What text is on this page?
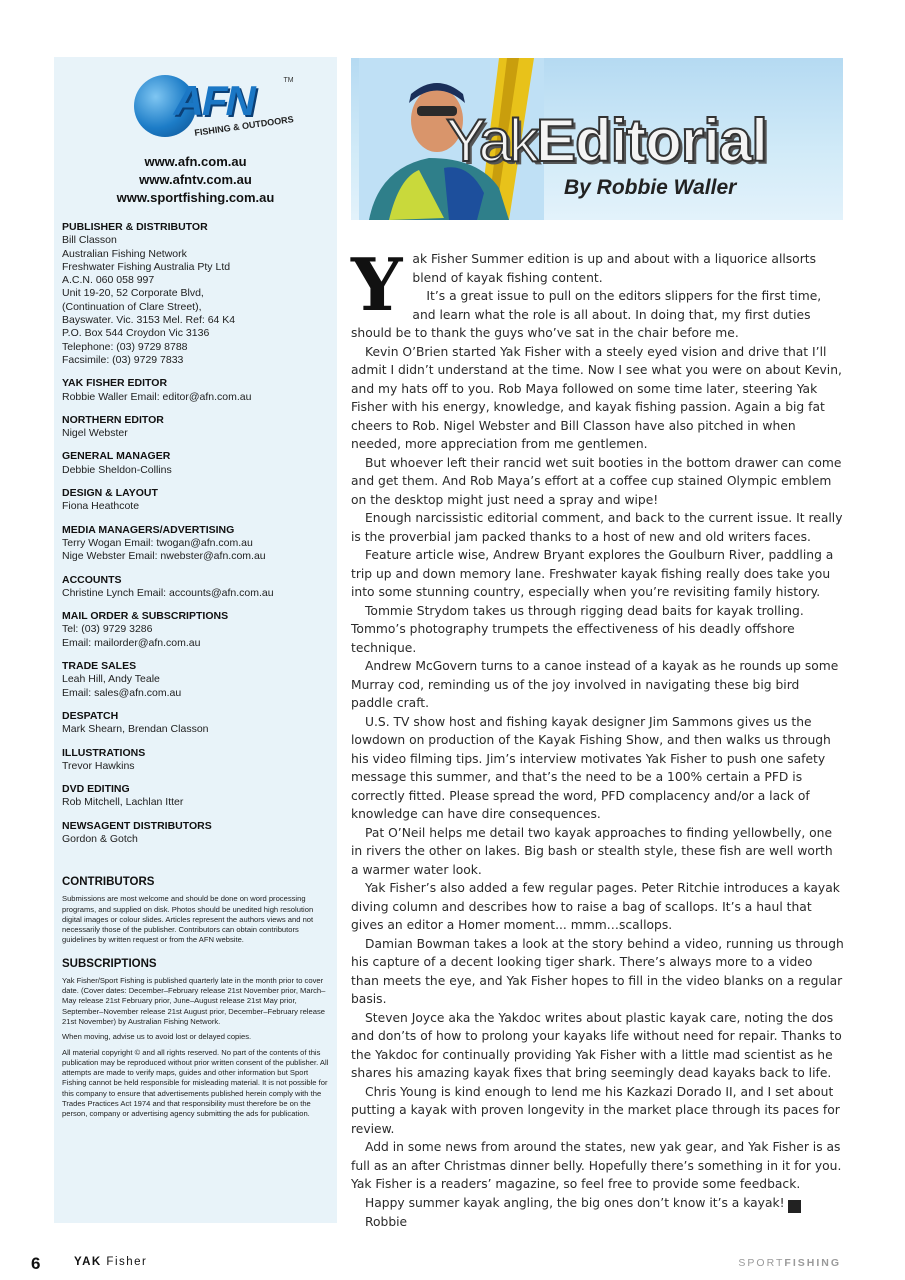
AFN	TM
FISHING & OUTDOORS
www.afn.com.au
www.afntv.com.au
www.sportfishing.com.au
PUBLISHER & DISTRIBUTOR
Bill Classon
Australian Fishing Network
Freshwater Fishing Australia Pty Ltd
A.C.N. 060 058 997
Unit 19-20, 52 Corporate Blvd,
(Continuation of Clare Street),
Bayswater. Vic. 3153 Mel. Ref: 64 K4
P.O. Box 544 Croydon Vic 3136
Telephone: (03) 9729 8788
Facsimile: (03) 9729 7833
YAK FISHER EDITOR
Robbie Waller Email: editor@afn.com.au
NORTHERN EDITOR
Nigel Webster
GENERAL MANAGER
Debbie Sheldon-Collins
DESIGN & LAYOUT
Fiona Heathcote
MEDIA MANAGERS/ADVERTISING
Terry Wogan Email: twogan@afn.com.au
Nige Webster Email: nwebster@afn.com.au
ACCOUNTS
Christine Lynch Email: accounts@afn.com.au
MAIL ORDER & SUBSCRIPTIONS
Tel: (03) 9729 3286
Email: mailorder@afn.com.au
TRADE SALES
Leah Hill, Andy Teale
Email: sales@afn.com.au
DESPATCH
Mark Shearn, Brendan Classon
ILLUSTRATIONS
Trevor Hawkins
DVD EDITING
Rob Mitchell, Lachlan Itter
NEWSAGENT DISTRIBUTORS
Gordon & Gotch
CONTRIBUTORS
Submissions are most welcome and should be done on word processing programs, and supplied on disk. Photos should be unedited high resolution digital images or colour slides. Articles represent the authors views and not necessarily those of the publisher. Contributors can obtain contributors guidelines by written request or from the AFN website.
SUBSCRIPTIONS

Yak Fisher/Sport Fishing is published quarterly late in the month prior to cover date. (Cover dates: December–February release 21st November prior, March–May release 21st February prior, June–August release 21st May prior, September–November release 21st August prior, December–February release 21st November) by Australian Fishing Network.

When moving, advise us to avoid lost or delayed copies.

All material copyright © and all rights reserved. No part of the contents of this publication may be reproduced without prior written consent of the publisher. All attempts are made to verify maps, guides and other information but Sport Fishing cannot be held responsible for misleading material. It is not possible for this company to ensure that advertisements published herein comply with the Trades Practices Act 1974 and that responsibility must therefore be on the person, company or advertising agency submitting the ads for publication.

YakEditorial
By Robbie Waller
Y ak Fisher Summer edition is up and about with a liquorice allsorts blend of kayak fishing content.

It’s a great issue to pull on the editors slippers for the first time, and learn what the role is all about. In doing that, my first duties should be to thank the guys who’ve sat in the chair before me.

Kevin O’Brien started Yak Fisher with a steely eyed vision and drive that I’ll admit I didn’t understand at the time. Now I see what you were on about Kevin, and my hats off to you. Rob Maya followed on some time later, steering Yak Fisher with his energy, knowledge, and kayak fishing passion. Again a big fat cheers to Rob. Nigel Webster and Bill Classon have also pitched in when needed, more appreciation from me gentlemen.

But whoever left their rancid wet suit booties in the bottom drawer can come and get them. And Rob Maya’s effort at a coffee cup stained Olympic emblem on the desktop might just need a spray and wipe!

Enough narcissistic editorial comment, and back to the current issue. It really is the proverbial jam packed thanks to a host of new and old writers faces.

Feature article wise, Andrew Bryant explores the Goulburn River, paddling a trip up and down memory lane. Freshwater kayak fishing really does take you into some stunning country, especially when you’re revisiting family history.

Tommie Strydom takes us through rigging dead baits for kayak trolling. Tommo’s photography trumpets the effectiveness of his deadly offshore technique.

Andrew McGovern turns to a canoe instead of a kayak as he rounds up some Murray cod, reminding us of the joy involved in navigating these big bird paddle craft.

U.S. TV show host and fishing kayak designer Jim Sammons gives us the lowdown on production of the Kayak Fishing Show, and then walks us through his video filming tips. Jim’s interview motivates Yak Fisher to push one safety message this summer, and that’s the need to be a 100% certain a PFD is correctly fitted. Please spread the word, PFD complacency and/or a lack of knowledge can have dire consequences.

Pat O’Neil helps me detail two kayak approaches to finding yellowbelly, one in rivers the other on lakes. Big bash or stealth style, these fish are well worth a warmer water look.

Yak Fisher’s also added a few regular pages. Peter Ritchie introduces a kayak diving column and describes how to raise a bag of scallops. It’s a haul that gives an editor a Homer moment... mmm…scallops.

Damian Bowman takes a look at the story behind a video, running us through his capture of a decent looking tiger shark. There’s always more to a video than meets the eye, and Yak Fisher hopes to fill in the video blanks on a regular basis.

Steven Joyce aka the Yakdoc writes about plastic kayak care, noting the dos and don’ts of how to prolong your kayaks life without need for repair. Thanks to the Yakdoc for continually providing Yak Fisher with a little mad scientist as he shares his amazing kayak fixes that bring seemingly dead kayaks back to life.

Chris Young is kind enough to lend me his Kazkazi Dorado II, and I set about putting a kayak with proven longevity in the market place through its paces for review.

Add in some news from around the states, new yak gear, and Yak Fisher is as full as an after Christmas dinner belly. Hopefully there’s something in it for you. Yak Fisher is a readers’ magazine, so feel free to provide some feedback.

Happy summer kayak angling, the big ones don’t know it’s a kayak! YF

Robbie

6	YAK Fisher	SPORTFISHING
